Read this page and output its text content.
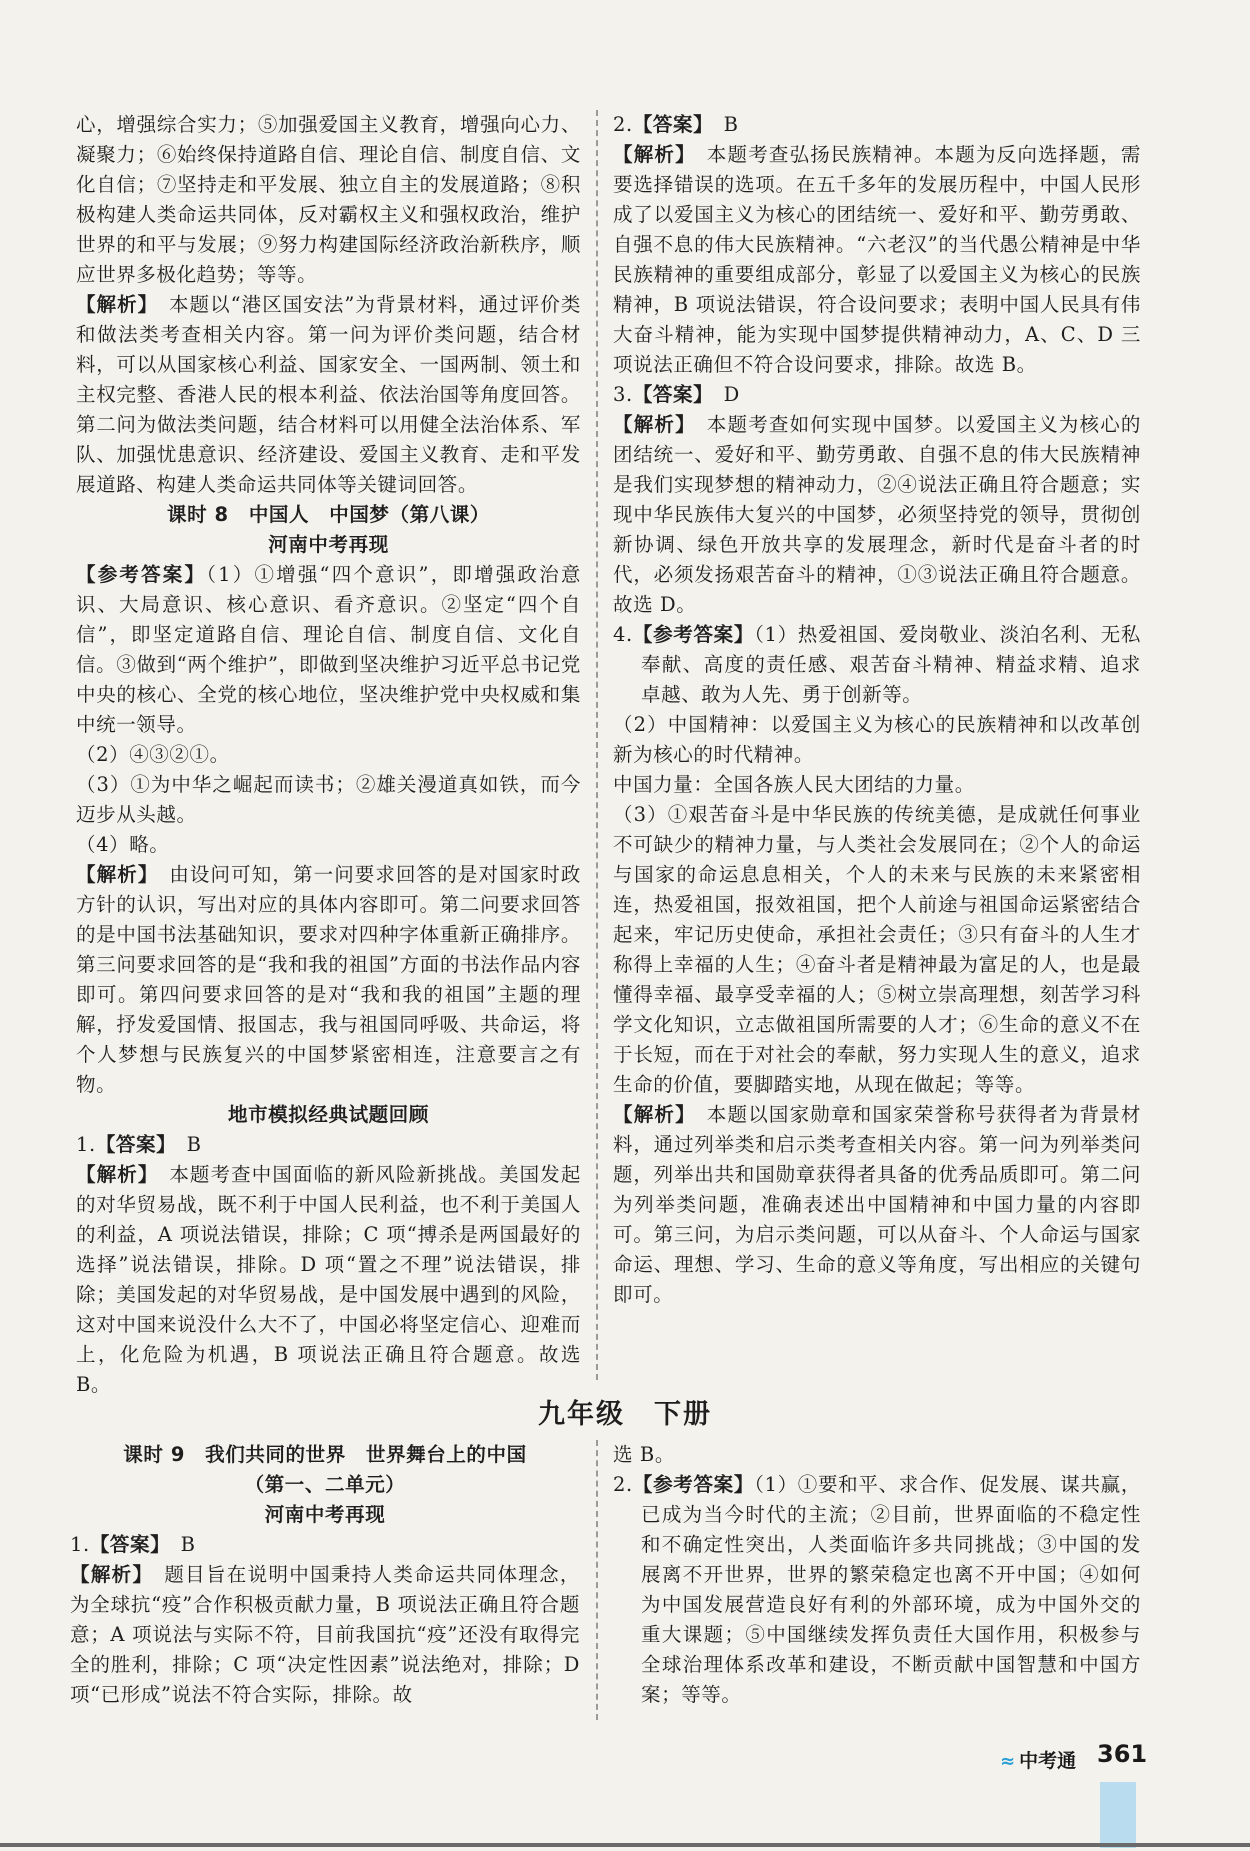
心，增强综合实力；⑤加强爱国主义教育，增强向心力、凝聚力；⑥始终保持道路自信、理论自信、制度自信、文化自信；⑦坚持走和平发展、独立自主的发展道路；⑧积极构建人类命运共同体，反对霸权主义和强权政治，维护世界的和平与发展；⑨努力构建国际经济政治新秩序，顺应世界多极化趋势；等等。

【解析】　本题以“港区国安法”为背景材料，通过评价类和做法类考查相关内容。第一问为评价类问题，结合材料，可以从国家核心利益、国家安全、一国两制、领土和主权完整、香港人民的根本利益、依法治国等角度回答。第二问为做法类问题，结合材料可以用健全法治体系、军队、加强忧患意识、经济建设、爱国主义教育、走和平发展道路、构建人类命运共同体等关键词回答。

课时 8　中国人　中国梦（第八课）

河南中考再现

【参考答案】（1）①增强“四个意识”，即增强政治意识、大局意识、核心意识、看齐意识。②坚定“四个自信”，即坚定道路自信、理论自信、制度自信、文化自信。③做到“两个维护”，即做到坚决维护习近平总书记党中央的核心、全党的核心地位，坚决维护党中央权威和集中统一领导。

（2）④③②①。

（3）①为中华之崛起而读书；②雄关漫道真如铁，而今迈步从头越。

（4）略。

【解析】　由设问可知，第一问要求回答的是对国家时政方针的认识，写出对应的具体内容即可。第二问要求回答的是中国书法基础知识，要求对四种字体重新正确排序。第三问要求回答的是“我和我的祖国”方面的书法作品内容即可。第四问要求回答的是对“我和我的祖国”主题的理解，抒发爱国情、报国志，我与祖国同呼吸、共命运，将个人梦想与民族复兴的中国梦紧密相连，注意要言之有物。

地市模拟经典试题回顾

1.【答案】　B

【解析】　本题考查中国面临的新风险新挑战。美国发起的对华贸易战，既不利于中国人民利益，也不利于美国人的利益，A 项说法错误，排除；C 项“搏杀是两国最好的选择”说法错误，排除。D 项“置之不理”说法错误，排除；美国发起的对华贸易战，是中国发展中遇到的风险，这对中国来说没什么大不了，中国必将坚定信心、迎难而上，化危险为机遇，B 项说法正确且符合题意。故选 B。

2.【答案】　B

【解析】　本题考查弘扬民族精神。本题为反向选择题，需要选择错误的选项。在五千多年的发展历程中，中国人民形成了以爱国主义为核心的团结统一、爱好和平、勤劳勇敢、自强不息的伟大民族精神。“六老汉”的当代愚公精神是中华民族精神的重要组成部分，彰显了以爱国主义为核心的民族精神，B 项说法错误，符合设问要求；表明中国人民具有伟大奋斗精神，能为实现中国梦提供精神动力，A、C、D 三项说法正确但不符合设问要求，排除。故选 B。

3.【答案】　D

【解析】　本题考查如何实现中国梦。以爱国主义为核心的团结统一、爱好和平、勤劳勇敢、自强不息的伟大民族精神是我们实现梦想的精神动力，②④说法正确且符合题意；实现中华民族伟大复兴的中国梦，必须坚持党的领导，贯彻创新协调、绿色开放共享的发展理念，新时代是奋斗者的时代，必须发扬艰苦奋斗的精神，①③说法正确且符合题意。故选 D。

4.【参考答案】（1）热爱祖国、爱岗敬业、淡泊名利、无私奉献、高度的责任感、艰苦奋斗精神、精益求精、追求卓越、敢为人先、勇于创新等。

（2）中国精神：以爱国主义为核心的民族精神和以改革创新为核心的时代精神。

中国力量：全国各族人民大团结的力量。

（3）①艰苦奋斗是中华民族的传统美德，是成就任何事业不可缺少的精神力量，与人类社会发展同在；②个人的命运与国家的命运息息相关，个人的未来与民族的未来紧密相连，热爱祖国，报效祖国，把个人前途与祖国命运紧密结合起来，牢记历史使命，承担社会责任；③只有奋斗的人生才称得上幸福的人生；④奋斗者是精神最为富足的人，也是最懂得幸福、最享受幸福的人；⑤树立崇高理想，刻苦学习科学文化知识，立志做祖国所需要的人才；⑥生命的意义不在于长短，而在于对社会的奉献，努力实现人生的意义，追求生命的价值，要脚踏实地，从现在做起；等等。

【解析】　本题以国家勋章和国家荣誉称号获得者为背景材料，通过列举类和启示类考查相关内容。第一问为列举类问题，列举出共和国勋章获得者具备的优秀品质即可。第二问为列举类问题，准确表述出中国精神和中国力量的内容即可。第三问，为启示类问题，可以从奋斗、个人命运与国家命运、理想、学习、生命的意义等角度，写出相应的关键句即可。

九年级　下册

课时 9　我们共同的世界　世界舞台上的中国

（第一、二单元）

河南中考再现

1.【答案】　B

【解析】　题目旨在说明中国秉持人类命运共同体理念，为全球抗“疫”合作积极贡献力量，B 项说法正确且符合题意；A 项说法与实际不符，目前我国抗“疫”还没有取得完全的胜利，排除；C 项“决定性因素”说法绝对，排除；D 项“已形成”说法不符合实际，排除。故

选 B。

2.【参考答案】（1）①要和平、求合作、促发展、谋共赢，已成为当今时代的主流；②目前，世界面临的不稳定性和不确定性突出，人类面临许多共同挑战；③中国的发展离不开世界，世界的繁荣稳定也离不开中国；④如何为中国发展营造良好有利的外部环境，成为中国外交的重大课题；⑤中国继续发挥负责任大国作用，积极参与全球治理体系改革和建设，不断贡献中国智慧和中国方案；等等。

≈ 中考通 361
